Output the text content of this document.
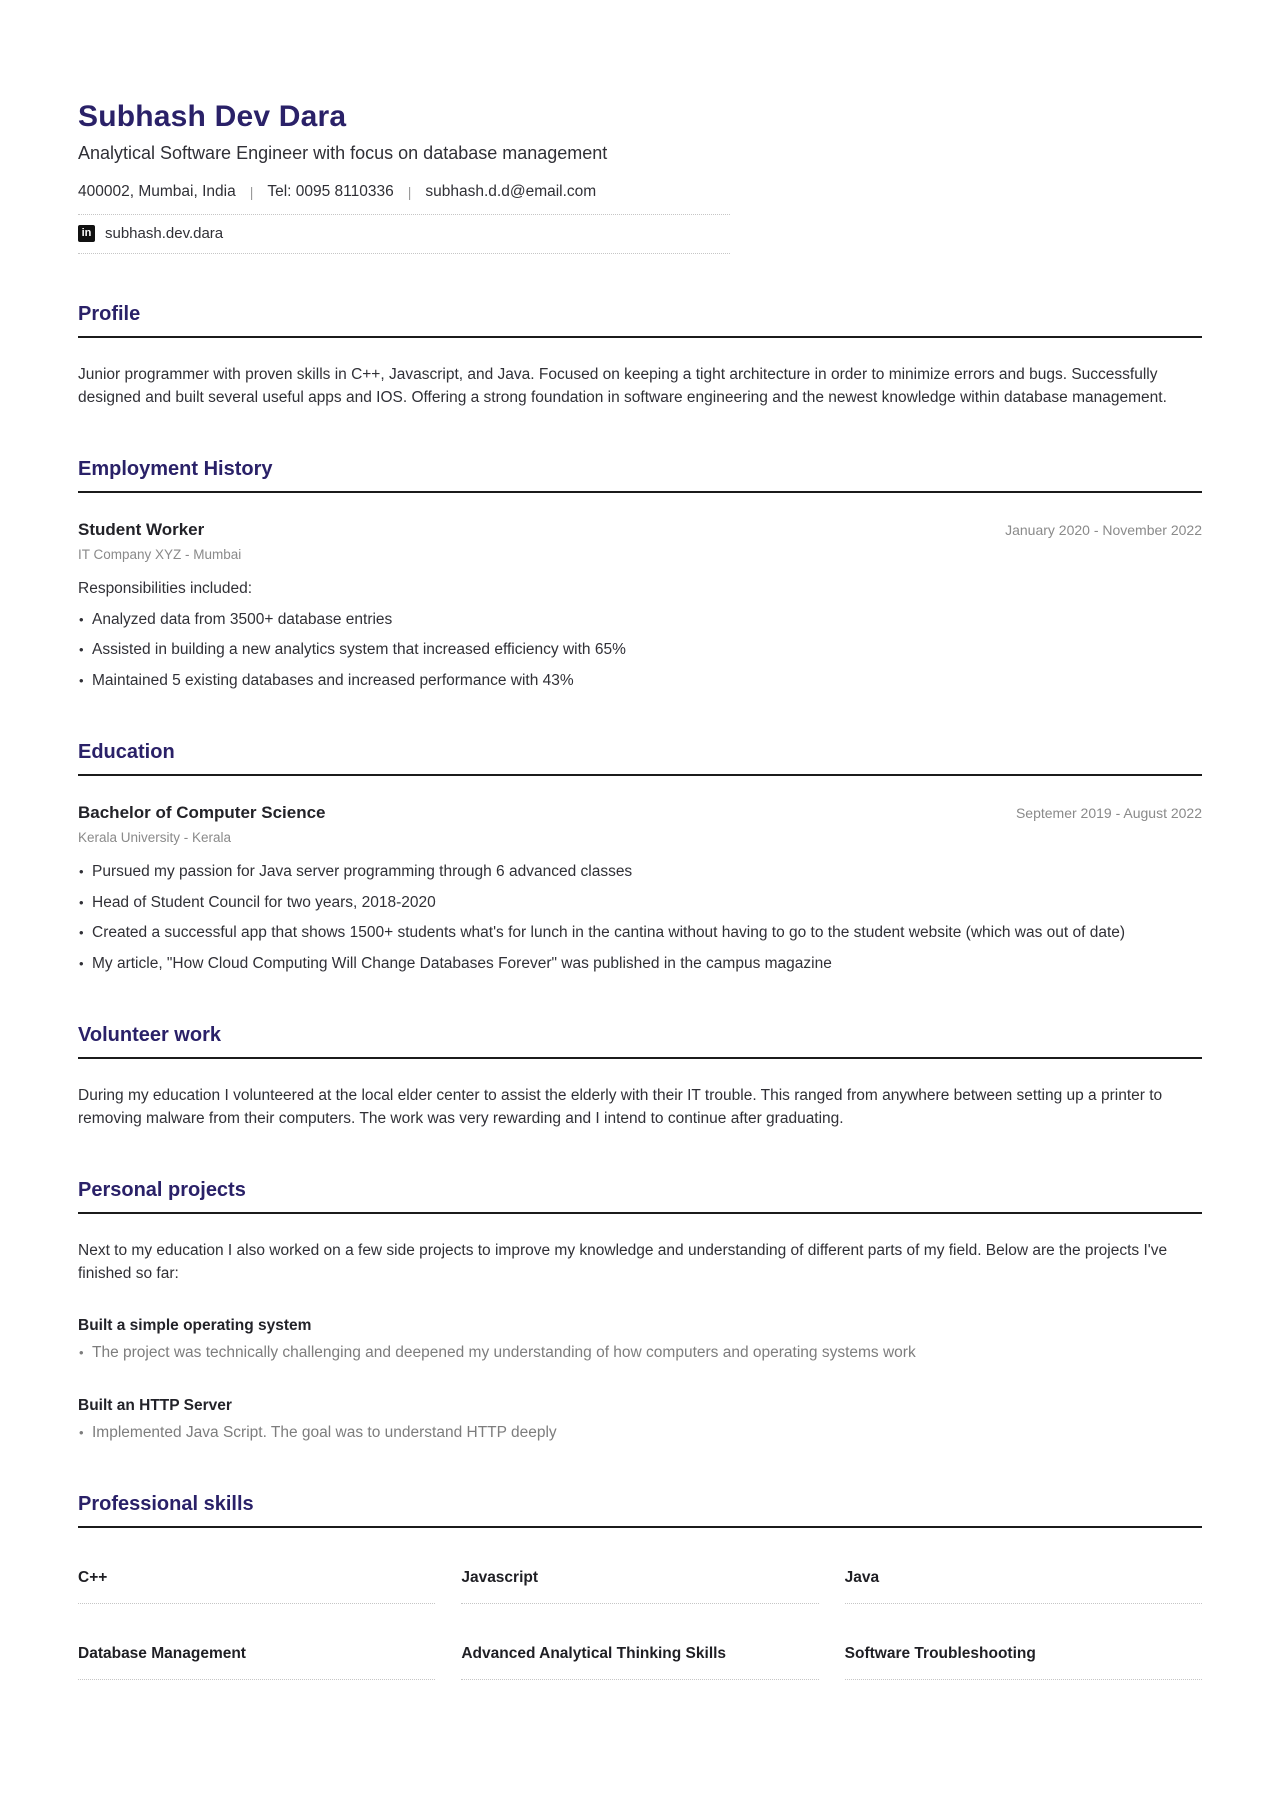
Subhash Dev Dara
Analytical Software Engineer with focus on database management
400002, Mumbai, India | Tel: 0095 8110336 | subhash.d.d@email.com
in subhash.dev.dara
Profile
Junior programmer with proven skills in C++, Javascript, and Java. Focused on keeping a tight architecture in order to minimize errors and bugs. Successfully designed and built several useful apps and IOS. Offering a strong foundation in software engineering and the newest knowledge within database management.
Employment History
Student Worker	January 2020 - November 2022
IT Company XYZ - Mumbai
Responsibilities included:
• Analyzed data from 3500+ database entries
• Assisted in building a new analytics system that increased efficiency with 65%
• Maintained 5 existing databases and increased performance with 43%
Education
Bachelor of Computer Science	Septemer 2019 - August 2022
Kerala University - Kerala
• Pursued my passion for Java server programming through 6 advanced classes
• Head of Student Council for two years, 2018-2020
• Created a successful app that shows 1500+ students what's for lunch in the cantina without having to go to the student website (which was out of date)
• My article, "How Cloud Computing Will Change Databases Forever" was published in the campus magazine
Volunteer work
During my education I volunteered at the local elder center to assist the elderly with their IT trouble. This ranged from anywhere between setting up a printer to removing malware from their computers. The work was very rewarding and I intend to continue after graduating.
Personal projects
Next to my education I also worked on a few side projects to improve my knowledge and understanding of different parts of my field. Below are the projects I've finished so far:
Built a simple operating system
• The project was technically challenging and deepened my understanding of how computers and operating systems work
Built an HTTP Server
• Implemented Java Script. The goal was to understand HTTP deeply
Professional skills
C++	Javascript	Java
Database Management	Advanced Analytical Thinking Skills	Software Troubleshooting
